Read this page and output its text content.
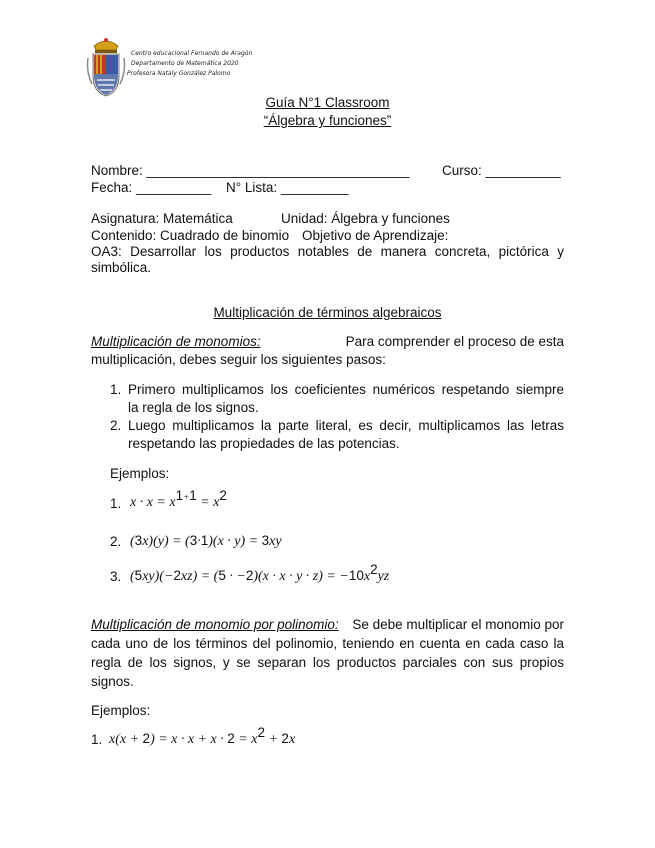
Centro educacional Fernando de Aragón
Departamento de Matemática 2020
Profesora Nataly González Palomo
Guía N°1 Classroom
“Álgebra y funciones”
Nombre: ___________________________________ Curso: __________
Fecha: __________ N° Lista: _________
Asignatura: Matemática	Unidad: Álgebra y funciones
Contenido: Cuadrado de binomio Objetivo de Aprendizaje:
OA3: Desarrollar los productos notables de manera concreta, pictórica y
simbólica.
Multiplicación de términos algebraicos
Multiplicación de monomios:	Para comprender el proceso de esta
multiplicación, debes seguir los siguientes pasos:
1. Primero multiplicamos los coeficientes numéricos respetando siempre
la regla de los signos.
2. Luego multiplicamos la parte literal, es decir, multiplicamos las letras
respetando las propiedades de las potencias.
Ejemplos:
1. $x \cdot x = x^{1+1} = x^2$
2. (3x)(y) = (3·1)(x · y) = 3xy
3. $(5xy)(-2xz) = (5 \cdot -2)(x \cdot x \cdot y \cdot z) = -10x^2yz$
Multiplicación de monomio por polinomio: Se debe multiplicar el monomio por
cada uno de los términos del polinomio, teniendo en cuenta en cada caso la
regla de los signos, y se separan los productos parciales con sus propios
signos.
Ejemplos:
1. $x(x + 2) = x \cdot x + x \cdot 2 = x^2 + 2x$
